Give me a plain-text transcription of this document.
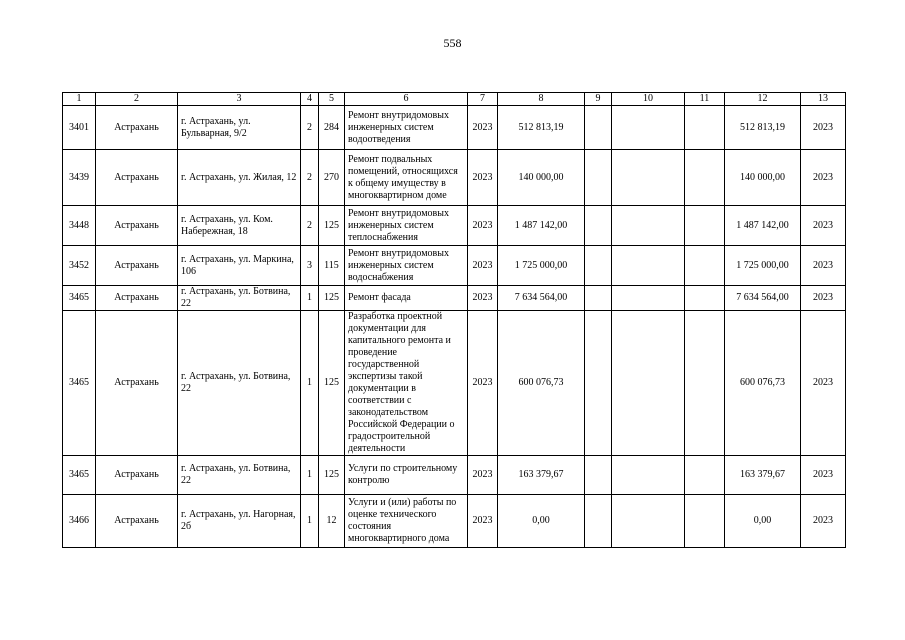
558
1	2	3	4	5	6	7	8	9	10	11	12	13
3401	Астрахань	г. Астрахань, ул. Бульварная, 9/2	2	284	Ремонт внутридомовых инженерных систем водоотведения	2023	512 813,19				512 813,19	2023
3439	Астрахань	г. Астрахань, ул. Жилая, 12	2	270	Ремонт подвальных помещений, относящихся к общему имуществу в многоквартирном доме	2023	140 000,00				140 000,00	2023
3448	Астрахань	г. Астрахань, ул. Ком. Набережная, 18	2	125	Ремонт внутридомовых инженерных систем теплоснабжения	2023	1 487 142,00				1 487 142,00	2023
3452	Астрахань	г. Астрахань, ул. Маркина, 106	3	115	Ремонт внутридомовых инженерных систем водоснабжения	2023	1 725 000,00				1 725 000,00	2023
3465	Астрахань	г. Астрахань, ул. Ботвина, 22	1	125	Ремонт фасада	2023	7 634 564,00				7 634 564,00	2023
3465	Астрахань	г. Астрахань, ул. Ботвина, 22	1	125	Разработка проектной документации для капитального ремонта и проведение государственной экспертизы такой документации в соответствии с законодательством Российской Федерации о градостроительной деятельности	2023	600 076,73				600 076,73	2023
3465	Астрахань	г. Астрахань, ул. Ботвина, 22	1	125	Услуги по строительному контролю	2023	163 379,67				163 379,67	2023
3466	Астрахань	г. Астрахань, ул. Нагорная, 2б	1	12	Услуги и (или) работы по оценке технического состояния многоквартирного дома	2023	0,00				0,00	2023
